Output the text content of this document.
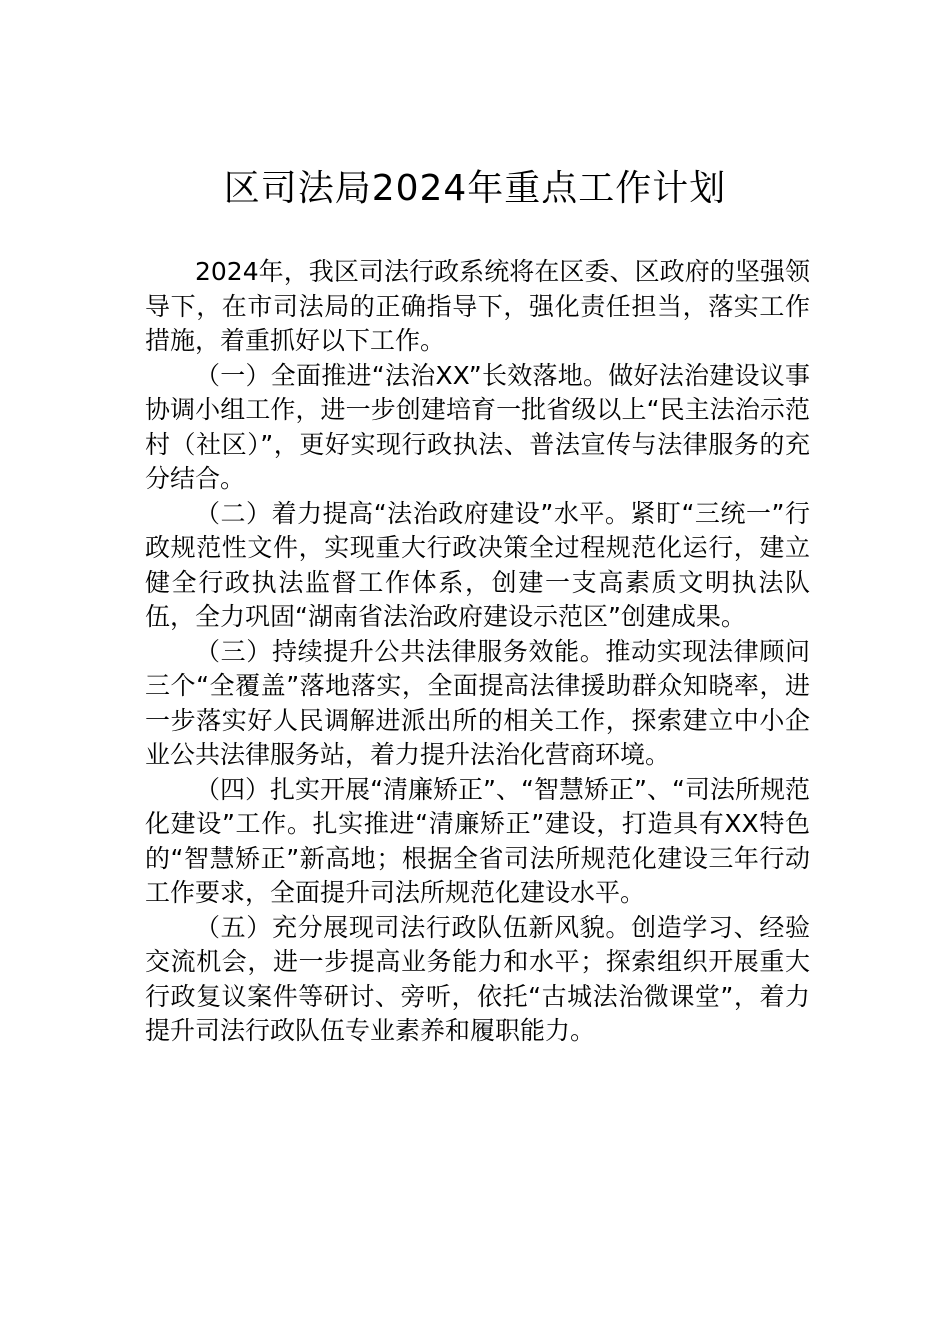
区司法局2024年重点工作计划

2024年，我区司法行政系统将在区委、区政府的坚强领导下，在市司法局的正确指导下，强化责任担当，落实工作措施，着重抓好以下工作。

（一）全面推进“法治XX”长效落地。做好法治建设议事协调小组工作，进一步创建培育一批省级以上“民主法治示范村（社区）”，更好实现行政执法、普法宣传与法律服务的充分结合。

（二）着力提高“法治政府建设”水平。紧盯“三统一”行政规范性文件，实现重大行政决策全过程规范化运行，建立健全行政执法监督工作体系，创建一支高素质文明执法队伍，全力巩固“湖南省法治政府建设示范区”创建成果。

（三）持续提升公共法律服务效能。推动实现法律顾问三个“全覆盖”落地落实，全面提高法律援助群众知晓率，进一步落实好人民调解进派出所的相关工作，探索建立中小企业公共法律服务站，着力提升法治化营商环境。

（四）扎实开展“清廉矫正”、“智慧矫正”、“司法所规范化建设”工作。扎实推进“清廉矫正”建设，打造具有XX特色的“智慧矫正”新高地；根据全省司法所规范化建设三年行动工作要求，全面提升司法所规范化建设水平。

（五）充分展现司法行政队伍新风貌。创造学习、经验交流机会，进一步提高业务能力和水平；探索组织开展重大行政复议案件等研讨、旁听，依托“古城法治微课堂”，着力提升司法行政队伍专业素养和履职能力。
